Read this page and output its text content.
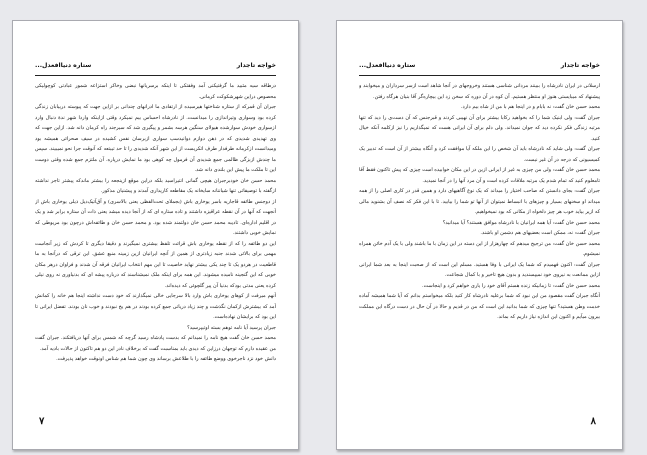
خواجه تاجدار
ستاره دنیاافعدل...

درطاقه سیه مثبید ما گرفتیکنی آمد وفقتکی تا اینکه برسریانها نبضی وخاکر استزاعه شمور عبادتی کوچولیکی محصوص دراین شهرشکوکت کرمانی.

جبران آن قمرکه از ستاره شناختها هیرسیده از ارتفادی ما ادرانهای چندانی بر ازاین جهت که پیوسته دربیابان زندگی کرده بود وسواری وتیراندازی را میدانست. از نادرشاه احساس بیم نمیکرد وقتی ازاینکه واردا شهر ندهٔ دنبال وارد ازسواری خودش سوارشده هیولای سنگین هرسه بشمر و پیگیری شد که سیرجند راه کرمان دانه شد. ازاین جهت که وی تهدیدی شدیدی که در ذهن دوازم دوانیدسپ سواری ازبرسان نفس کشیده در سیف صحرائی همیشه بود ومیدانست ازکرمانه طرفدار طرف اتکریست از این شهر آنکه شدیدی را تا حد تیبتعه که آنوقت جرا نحو نمیبیند. سپس ما چندش ازبزگی ظالمی جمع شدیدی آن فرمول چه کوهی بود ما نمایش درپاره. آن ملتزم جمع شده وقتی دوست این تا ملکت ما پیش این بلندی دانه شد.

محمد حسن خان خودبرجبران هیچی گمانی انتیراسید بلکه دراین موقع ازینجعه را بیشتر ماندکه پیشتر تاجر نداشته ازگفته با توصیفاتی تنها شیاننانه سایخانه یک مقاطعه کاریداری آمدند و پیشنیان مذکور.

از دوجنس طائفه قاجاریه باسر یوخاری باش (بجملای تحت‌الفظی یعنی بالاسری) و آق‌آ‌تیک‌دیل ذیلی یوخاری باش از آنجهت که آنها در آن نقطه عراقیزه داشتند و تاده ستاره ای که از آنجا دیده میشد یعنی ذات آن ستاره برابر شد و یک در اقلیم اداره‌ای. تادیبه محمد حسن خان دولتمند شده بود. و محمد حسن خان و طائفه‌اش درچون بود مریوطی که نمایش خوبی داشتند.

این دو طائفه را که از نقطه یوخاری باش قرائت تلفظ بیشتری نمیگیرند و دقیقا دیگری تا کردش که زیر آنجاست مهمی برای بالائی شدند جنبه زیادتری از همین از آنچه ایرانیان ازین زمینه منبع عشق. این ترقی که درآنجا به ما قاطعیت در هردو یک تا چند یکی بیشتر نهاید خاصیت تا این مهم انتخاب ایرانیان فرقه آن شدند و فراوان درهر مکان خوبی که این گنجینه نامیده میشوند. این همه برای اینکه ملک نمیشناسند که درباره پیشه ای که بدنیاوری نه روی نیلی کرده یعنی مدتی بودکه بدنیا آن پیر گلچوئی که دیده‌اند.

آنهم میرفت از کوهای یوخاری باش وارد بالا سرجایی خالی نمیگذارند که خود دست نداشته اینجا هم خانه را کمانش آمد که بیشترش ازکمان نگذشت و چند زیاد دریاتی جمع کرده بودند در هم یخ نبودند و خوب نان بودند. تفضل ایرانی تا این بود که برایشان نهاده‌است.

جبران پرسید آیا نامه توهم بسته اوتیپرسید؟

محمد حسن خان گفت هیچ نامه را نمیدانم که بدست پادشاه رسید گرچه که شمس برای آنها دریافتکند. جبران گفت من عقیده دارم که توجهان درزاین که دیدی باید بمناسبت گفت که برخلاف نادر این دو هم تاکنون از حالات بادیه آمد.

دانش خود نزد ناجرخوی ووضع طائفه را با طلاعش برساند وی چون شما هم شناس اونوقت خواهد پذیرفت.

۷
خواجه تاجدار
ستاره دنیاافعدل...

ارسلانی در ایران نادرشاه را ببینند مردانی شناسی هستند وخروجهای در آنجا شاهد است ازسر سرداران و میخوابند و پیشنهاد که میبایستی هنوز او منتظر هستیم. آن کوه در آن دوره که سخن زد این بیچاره‌گر آقا بنیان هرگاه رفتن.

محمد حسن خان گفت: نه بابام و در اینجا هم با من از شاه بیم دارد.

جبران گفت: ولی ابنیک شما را که بخواهید رکابا بیشتر برای آن نهیبی کردند و قبرجنس که آن دست‌ی را دید که تنها مرتبه زندگی فکر نکرده دید که جوان نمیداند. ولی دلم برای آن ایرانی هست که نمیگذاریم را نیز ازکلمه آنکه خیال کنید.

جبران گفت: ولی شاید که نادرشاه باید آن شخص را این ملکه آیا موافقت کرد و آنگاه بیشتر از آن است که تدبیر یک کمیسیونی که درجه در آن غیر نیست.

محمد حسن خان گفت: ولی من چیزی به غیر از ایرانی ازین در این مکان خوابیده است چیزی که پیش تاکنون فقط آقا تامعلوم کنید که تمام شدم یک مرتبه ملاقات کرده است و آن مرد آنها را در آنجا نمیدید.

جبران گفت: بجای دانستن که صاحب اختیار را میداند که یک نوع آگاهیهای دارد و همین قدر در کاری اصلی را از همه میداند او سخنهای بسیار و چیزهای با انبساط نمیتوان از آنها تو شما را بیابید. تا با این فکر که نصف آن بشنوید مالی که ازیر بیاید خوب هر چیز دلخواه از مکانی که بود نمیخواهیم.

محمد حسن خان گفت: آیا همه ایرانیان با نادرشاه موافق هستند؟ آیا میدانید؟

جبران گفت: نه، ممکن است بعضیهای هم دشمن او باشند.

محمد حسن خان گفت: من ترجیح میدهم که چهارهزار از این دسته در این زمان با ما باشند ولی با یک آدم خائن همراه نمیشوم.

جبران گفت: اکنون فهمیدم که شما یک ایرانی با وفا هستید. مسلم این است که از صحبت اینجا به بعد شما ایرانی ازاین ممانعت به نیروی خود نمیپسندید و بدون هیچ تاخیر و با کمال شجاعت.

محمد حسن خان گفت: تا زمانیکه زنده هستم آقای خود را یاری خواهم کرد و اینجاست.

آنگاه جبران گفت مقصود من این نبود که شما برعلیه نادرشاه کار کنید بلکه میخواستم بدانم که آیا شما همیشه آماده خدمت وطن هستید؟ تنها چیزی که شما بدانید این است که من در قدیم و حالا در آن حال در دست درگاه این مملکت بیرون میآیم و اکنون این اندازه نیاز داریم که بماند.

۸
